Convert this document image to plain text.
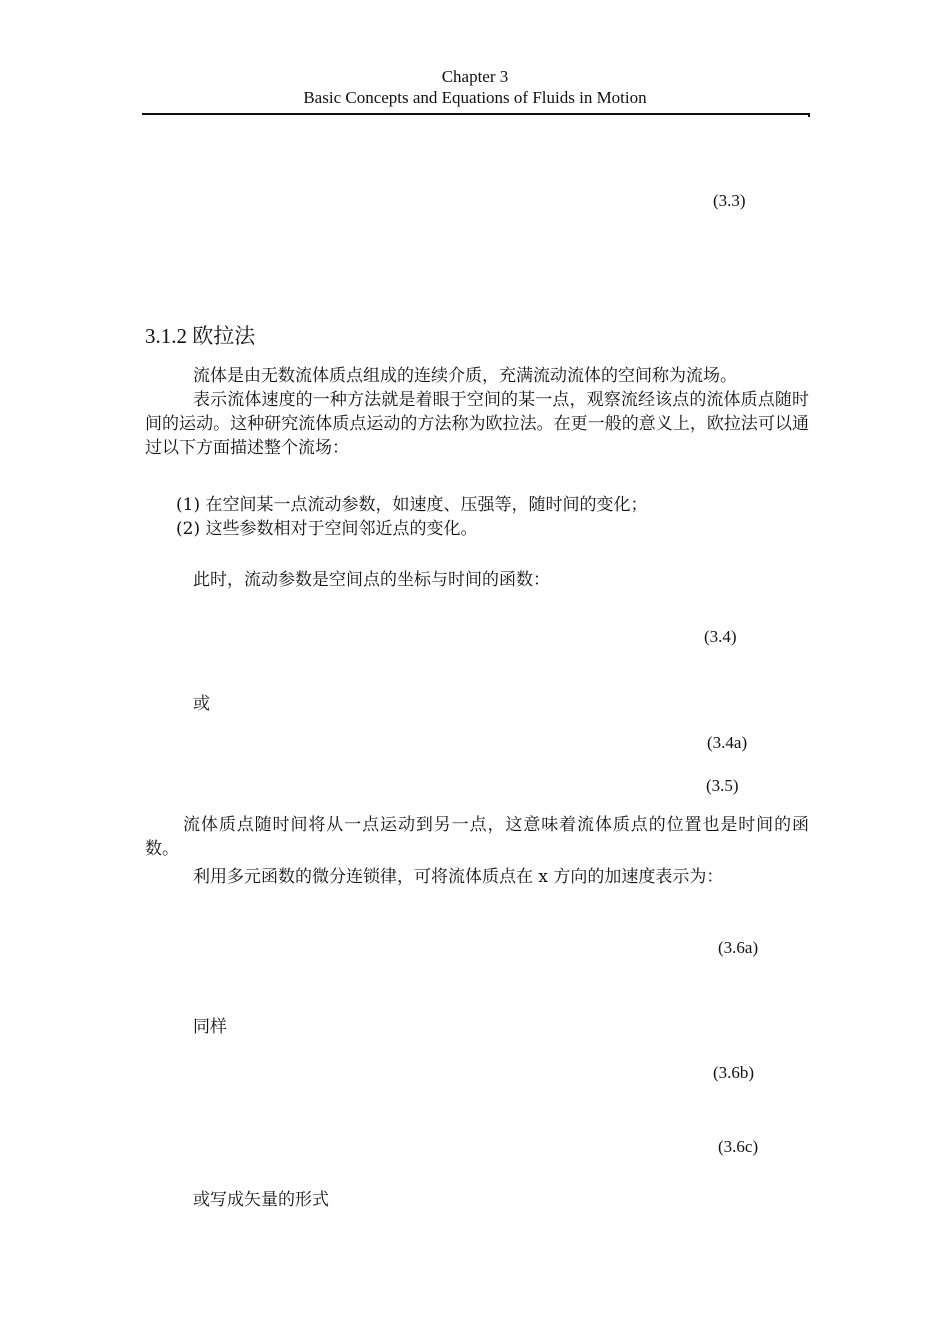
Chapter 3
Basic Concepts and Equations of Fluids in Motion
(3.3)
3.1.2 欧拉法
流体是由无数流体质点组成的连续介质，充满流动流体的空间称为流场。
表示流体速度的一种方法就是着眼于空间的某一点，观察流经该点的流体质点随时间的运动。这种研究流体质点运动的方法称为欧拉法。在更一般的意义上，欧拉法可以通过以下方面描述整个流场：
(1) 在空间某一点流动参数，如速度、压强等，随时间的变化；
(2) 这些参数相对于空间邻近点的变化。
此时，流动参数是空间点的坐标与时间的函数：
(3.4)
或
(3.4a)
(3.5)
流体质点随时间将从一点运动到另一点，这意味着流体质点的位置也是时间的函数。
利用多元函数的微分连锁律，可将流体质点在 x 方向的加速度表示为：
(3.6a)
同样
(3.6b)
(3.6c)
或写成矢量的形式
